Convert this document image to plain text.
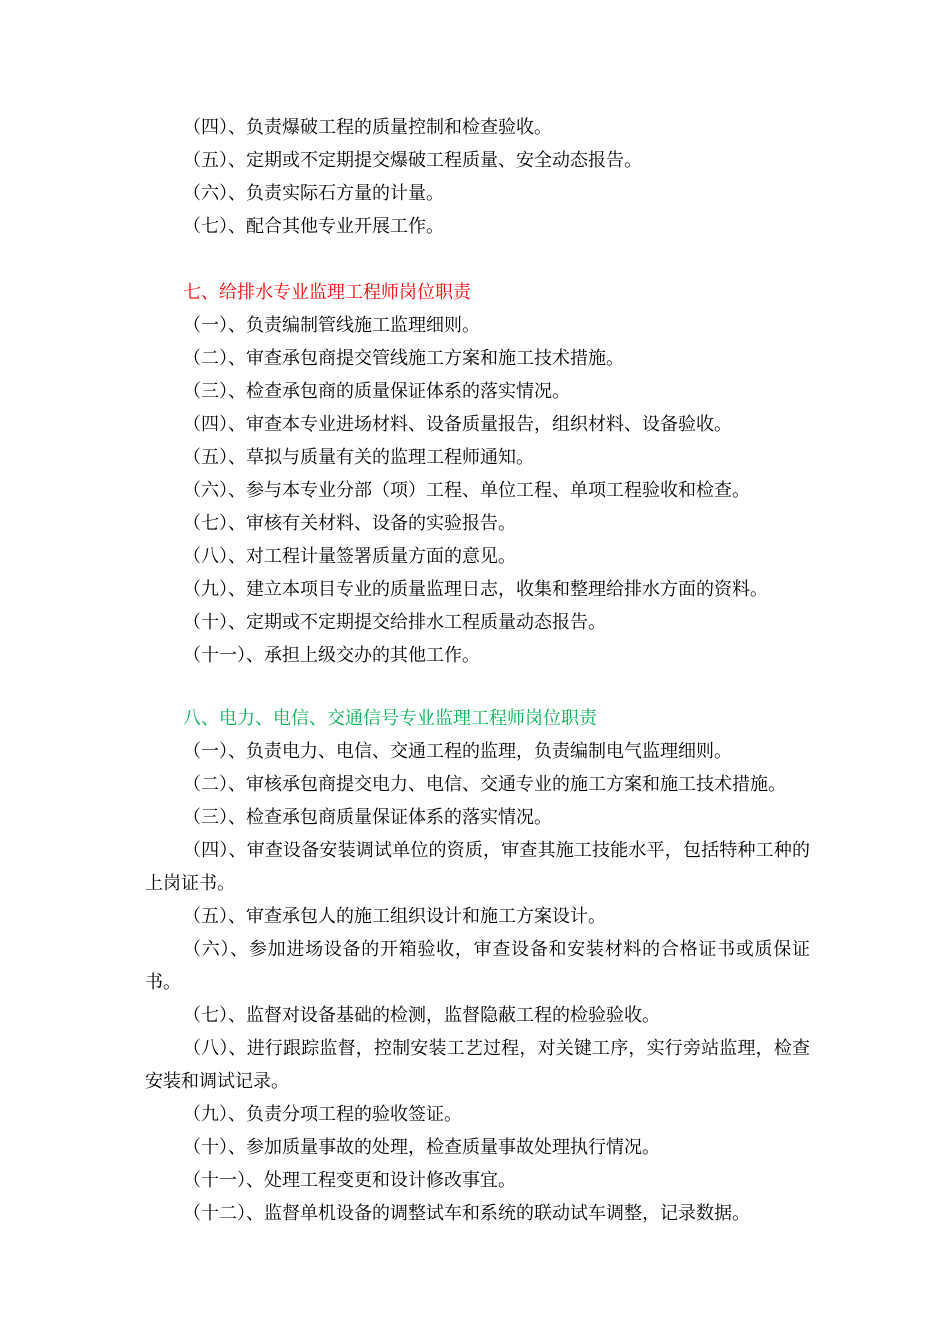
（四）、负责爆破工程的质量控制和检查验收。
（五）、定期或不定期提交爆破工程质量、安全动态报告。
（六）、负责实际石方量的计量。
（七）、配合其他专业开展工作。
七、给排水专业监理工程师岗位职责
（一）、负责编制管线施工监理细则。
（二）、审查承包商提交管线施工方案和施工技术措施。
（三）、检查承包商的质量保证体系的落实情况。
（四）、审查本专业进场材料、设备质量报告，组织材料、设备验收。
（五）、草拟与质量有关的监理工程师通知。
（六）、参与本专业分部（项）工程、单位工程、单项工程验收和检查。
（七）、审核有关材料、设备的实验报告。
（八）、对工程计量签署质量方面的意见。
（九）、建立本项目专业的质量监理日志，收集和整理给排水方面的资料。
（十）、定期或不定期提交给排水工程质量动态报告。
（十一）、承担上级交办的其他工作。
八、电力、电信、交通信号专业监理工程师岗位职责
（一）、负责电力、电信、交通工程的监理，负责编制电气监理细则。
（二）、审核承包商提交电力、电信、交通专业的施工方案和施工技术措施。
（三）、检查承包商质量保证体系的落实情况。
（四）、审查设备安装调试单位的资质，审查其施工技能水平，包括特种工种的上岗证书。
（五）、审查承包人的施工组织设计和施工方案设计。
（六）、参加进场设备的开箱验收，审查设备和安装材料的合格证书或质保证书。
（七）、监督对设备基础的检测，监督隐蔽工程的检验验收。
（八）、进行跟踪监督，控制安装工艺过程，对关键工序，实行旁站监理，检查安装和调试记录。
（九）、负责分项工程的验收签证。
（十）、参加质量事故的处理，检查质量事故处理执行情况。
（十一）、处理工程变更和设计修改事宜。
（十二）、监督单机设备的调整试车和系统的联动试车调整，记录数据。
